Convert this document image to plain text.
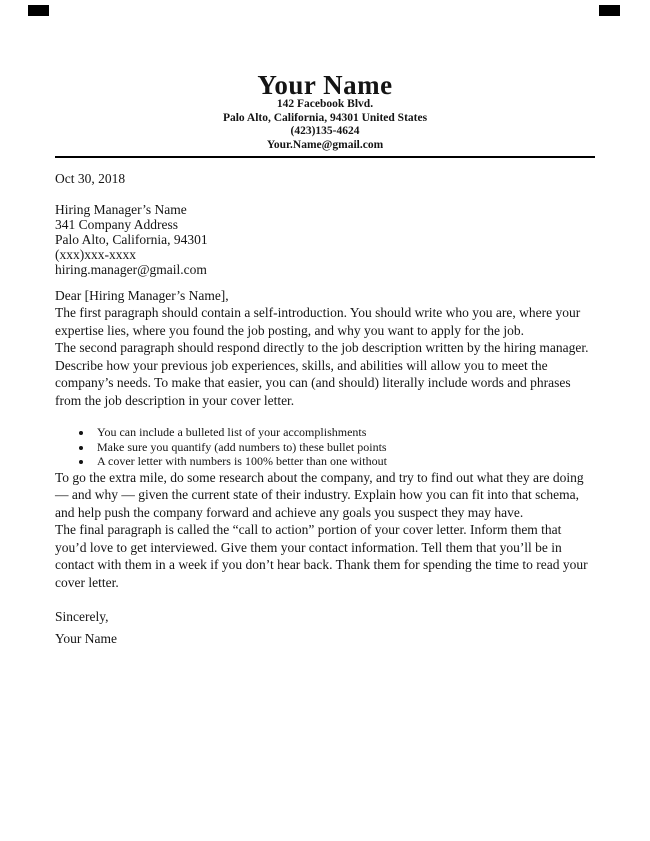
Your Name
142 Facebook Blvd.
Palo Alto, California, 94301 United States
(423)135-4624
Your.Name@gmail.com
Oct 30, 2018
Hiring Manager’s Name
341 Company Address
Palo Alto, California, 94301
(xxx)xxx-xxxx
hiring.manager@gmail.com
Dear [Hiring Manager’s Name],

The first paragraph should contain a self-introduction. You should write who you are, where your expertise lies, where you found the job posting, and why you want to apply for the job.

The second paragraph should respond directly to the job description written by the hiring manager. Describe how your previous job experiences, skills, and abilities will allow you to meet the company’s needs. To make that easier, you can (and should) literally include words and phrases from the job description in your cover letter.

• You can include a bulleted list of your accomplishments
• Make sure you quantify (add numbers to) these bullet points
• A cover letter with numbers is 100% better than one without

To go the extra mile, do some research about the company, and try to find out what they are doing — and why — given the current state of their industry. Explain how you can fit into that schema, and help push the company forward and achieve any goals you suspect they may have.

The final paragraph is called the “call to action” portion of your cover letter. Inform them that you’d love to get interviewed. Give them your contact information. Tell them that you’ll be in contact with them in a week if you don’t hear back. Thank them for spending the time to read your cover letter.

Sincerely,
Your Name
